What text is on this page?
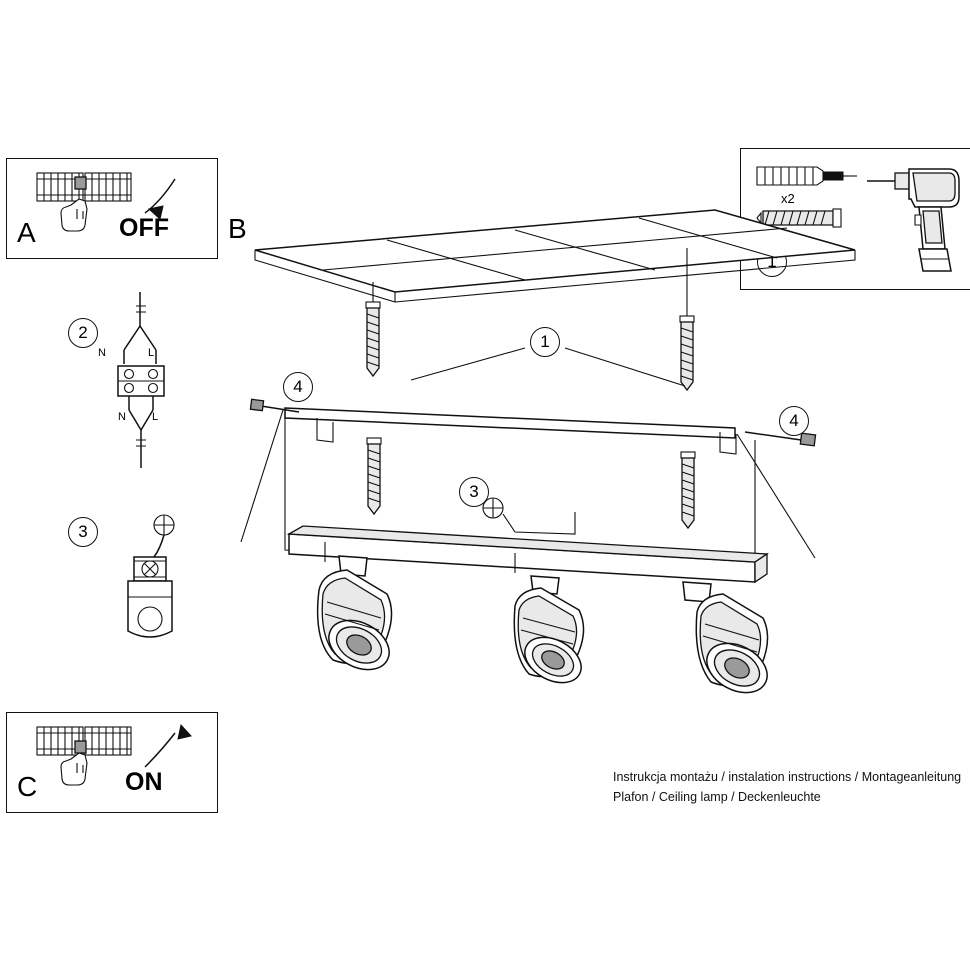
A	OFF
2
N	L
N L
3
C	ON
1
x2
B
1
4
4
3
Instrukcja montażu / instalation instructions / Montageanleitung
Plafon / Ceiling lamp / Deckenleuchte
